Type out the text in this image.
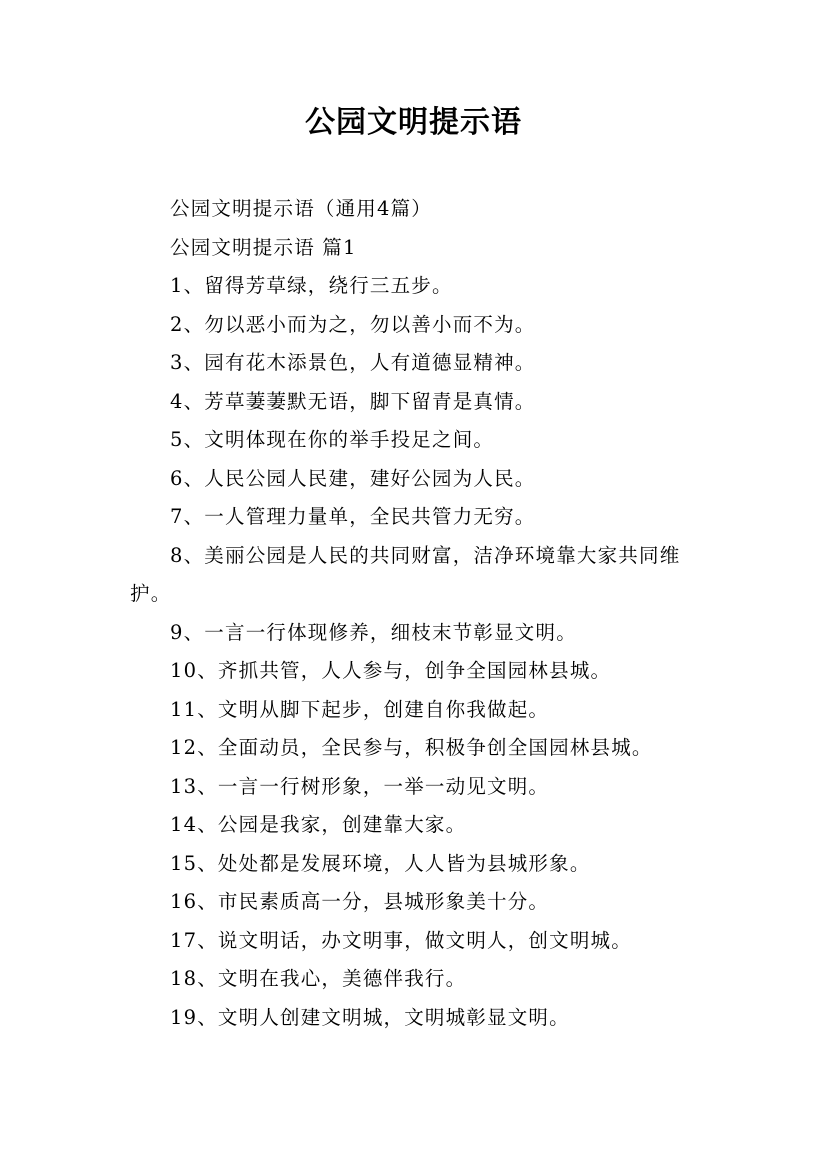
公园文明提示语

公园文明提示语（通用4篇）

公园文明提示语 篇1

1、留得芳草绿，绕行三五步。

2、勿以恶小而为之，勿以善小而不为。

3、园有花木添景色，人有道德显精神。

4、芳草萋萋默无语，脚下留青是真情。

5、文明体现在你的举手投足之间。

6、人民公园人民建，建好公园为人民。

7、一人管理力量单，全民共管力无穷。

8、美丽公园是人民的共同财富，洁净环境靠大家共同维护。

9、一言一行体现修养，细枝末节彰显文明。

10、齐抓共管，人人参与，创争全国园林县城。

11、文明从脚下起步，创建自你我做起。

12、全面动员，全民参与，积极争创全国园林县城。

13、一言一行树形象，一举一动见文明。

14、公园是我家，创建靠大家。

15、处处都是发展环境，人人皆为县城形象。

16、市民素质高一分，县城形象美十分。

17、说文明话，办文明事，做文明人，创文明城。

18、文明在我心，美德伴我行。

19、文明人创建文明城，文明城彰显文明。
